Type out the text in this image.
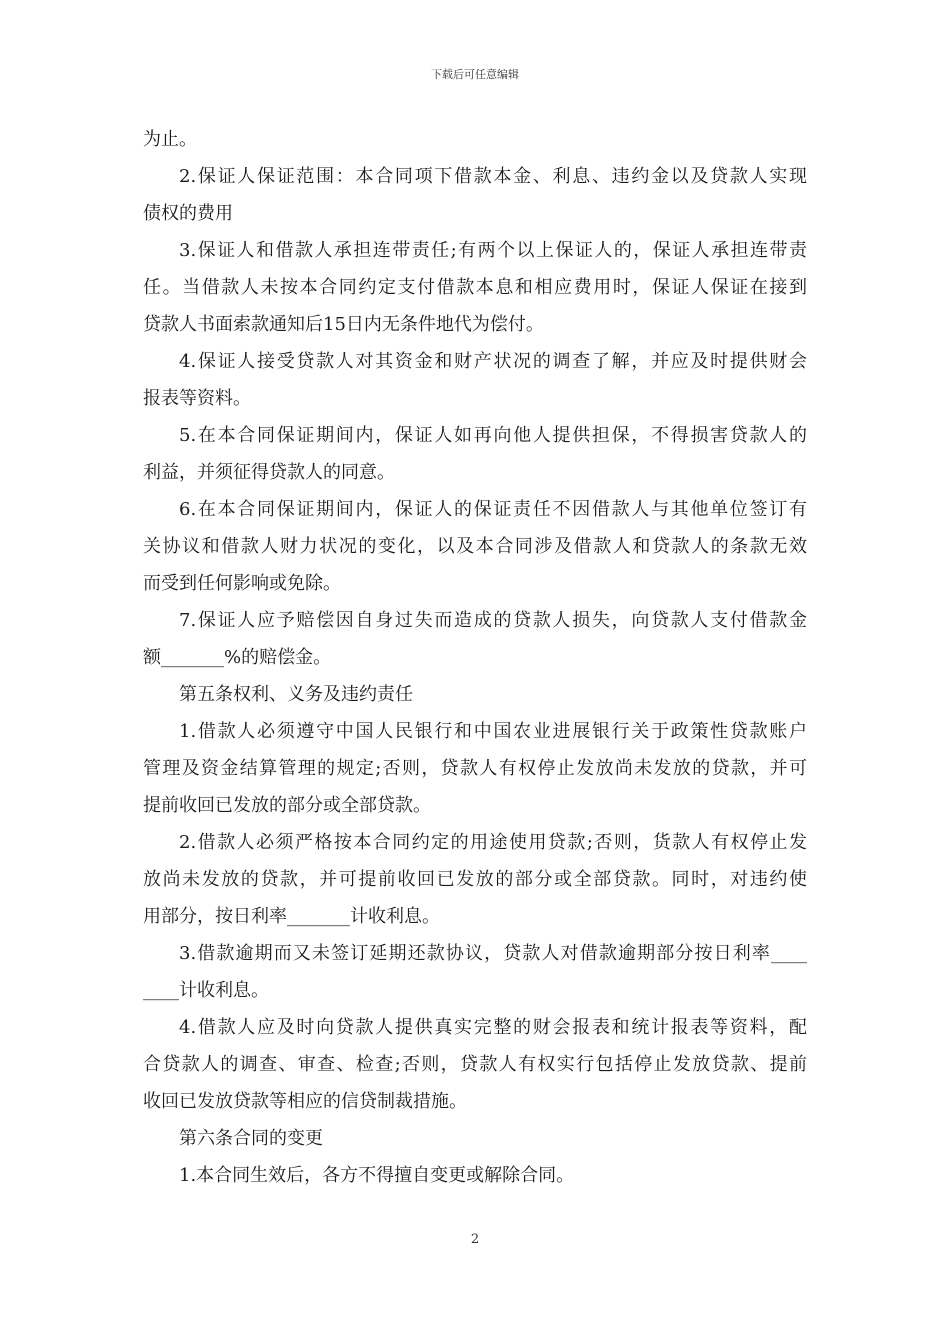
下载后可任意编辑
为止。
2.保证人保证范围：本合同项下借款本金、利息、违约金以及贷款人实现
债权的费用
3.保证人和借款人承担连带责任;有两个以上保证人的，保证人承担连带责
任。当借款人未按本合同约定支付借款本息和相应费用时，保证人保证在接到
贷款人书面索款通知后15日内无条件地代为偿付。
4.保证人接受贷款人对其资金和财产状况的调查了解，并应及时提供财会
报表等资料。
5.在本合同保证期间内，保证人如再向他人提供担保，不得损害贷款人的
利益，并须征得贷款人的同意。
6.在本合同保证期间内，保证人的保证责任不因借款人与其他单位签订有
关协议和借款人财力状况的变化，以及本合同涉及借款人和贷款人的条款无效
而受到任何影响或免除。
7.保证人应予赔偿因自身过失而造成的贷款人损失，向贷款人支付借款金
额_______%的赔偿金。
第五条权利、义务及违约责任
1.借款人必须遵守中国人民银行和中国农业进展银行关于政策性贷款账户
管理及资金结算管理的规定;否则，贷款人有权停止发放尚未发放的贷款，并可
提前收回已发放的部分或全部贷款。
2.借款人必须严格按本合同约定的用途使用贷款;否则，货款人有权停止发
放尚未发放的贷款，并可提前收回已发放的部分或全部贷款。同时，对违约使
用部分，按日利率_______计收利息。
3.借款逾期而又未签订延期还款协议，贷款人对借款逾期部分按日利率____
____计收利息。
4.借款人应及时向贷款人提供真实完整的财会报表和统计报表等资料，配
合贷款人的调查、审查、检查;否则，贷款人有权实行包括停止发放贷款、提前
收回已发放贷款等相应的信贷制裁措施。
第六条合同的变更
1.本合同生效后，各方不得擅自变更或解除合同。
2
